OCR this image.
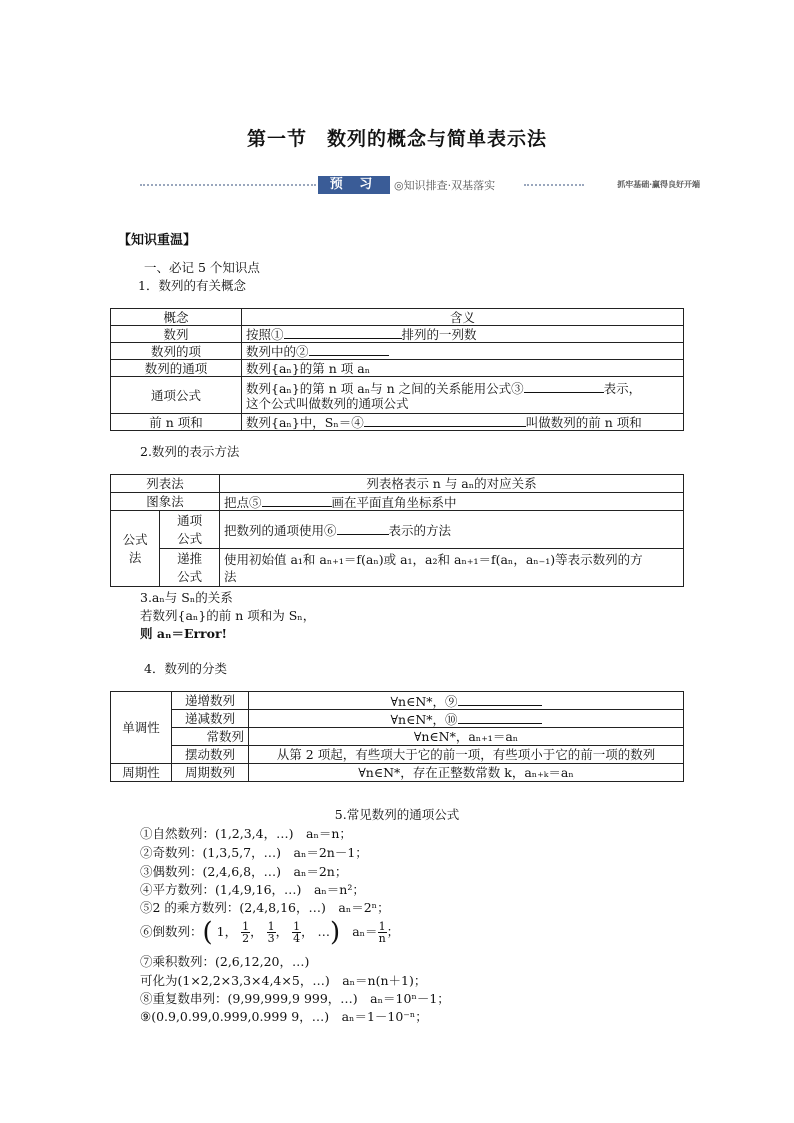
第一节　数列的概念与简单表示法
预 习	◎知识排查·双基落实	抓牢基础·赢得良好开端
【知识重温】
一、必记 5 个知识点
1．数列的有关概念
概念	含义
数列	按照① 排列的一列数
数列的项	数列中的②
数列的通项	数列{aₙ}的第 n 项 aₙ
通项公式	数列{aₙ}的第 n 项 aₙ与 n 之间的关系能用公式③ 表示，
这个公式叫做数列的通项公式
前 n 项和	数列{aₙ}中，Sₙ＝④ 叫做数列的前 n 项和
2.数列的表示方法
列表法		列表格表示 n 与 aₙ的对应关系
图象法		把点⑤ 画在平面直角坐标系中

公式法	通项公式	把数列的通项使用⑥ 表示的方法

	递推公式	使用初始值 a₁和 aₙ₊₁＝f(aₙ)或 a₁，a₂和 aₙ₊₁＝f(aₙ，aₙ₋₁)等表示数列的方
法
3.aₙ与 Sₙ的关系
若数列{aₙ}的前 n 项和为 Sₙ，
则 aₙ＝Error!
4．数列的分类
单调性	递增数列	∀n∈N*，⑨
	递减数列	∀n∈N*，⑩
	常数列	∀n∈N*，aₙ₊₁＝aₙ
	摆动数列	从第 2 项起，有些项大于它的前一项，有些项小于它的前一项的数列
周期性	周期数列	∀n∈N*，存在正整数常数 k，aₙ₊ₖ＝aₙ
5.常见数列的通项公式
①自然数列：(1,2,3,4，…)　aₙ＝n；
②奇数列：(1,3,5,7，…)　aₙ＝2n－1；
③偶数列：(2,4,6,8，…)　aₙ＝2n；
④平方数列：(1,4,9,16，…)　aₙ＝n²；
⑤2 的乘方数列：(2,4,8,16，…)　aₙ＝2ⁿ；
⑥倒数列：( 1， $\frac{1}{2}$ ， $\frac{1}{3}$ ， $\frac{1}{4}$ ， …) $a_n= \frac{1}{n}$ ；
⑦乘积数列：(2,6,12,20，…)
可化为(1×2,2×3,3×4,4×5，…)　aₙ＝n(n＋1)；
⑧重复数串列：(9,99,999,9 999，…)　aₙ＝10ⁿ－1；
⑨(0.9,0.99,0.999,0.999 9，…)　aₙ＝1－10⁻ⁿ；
